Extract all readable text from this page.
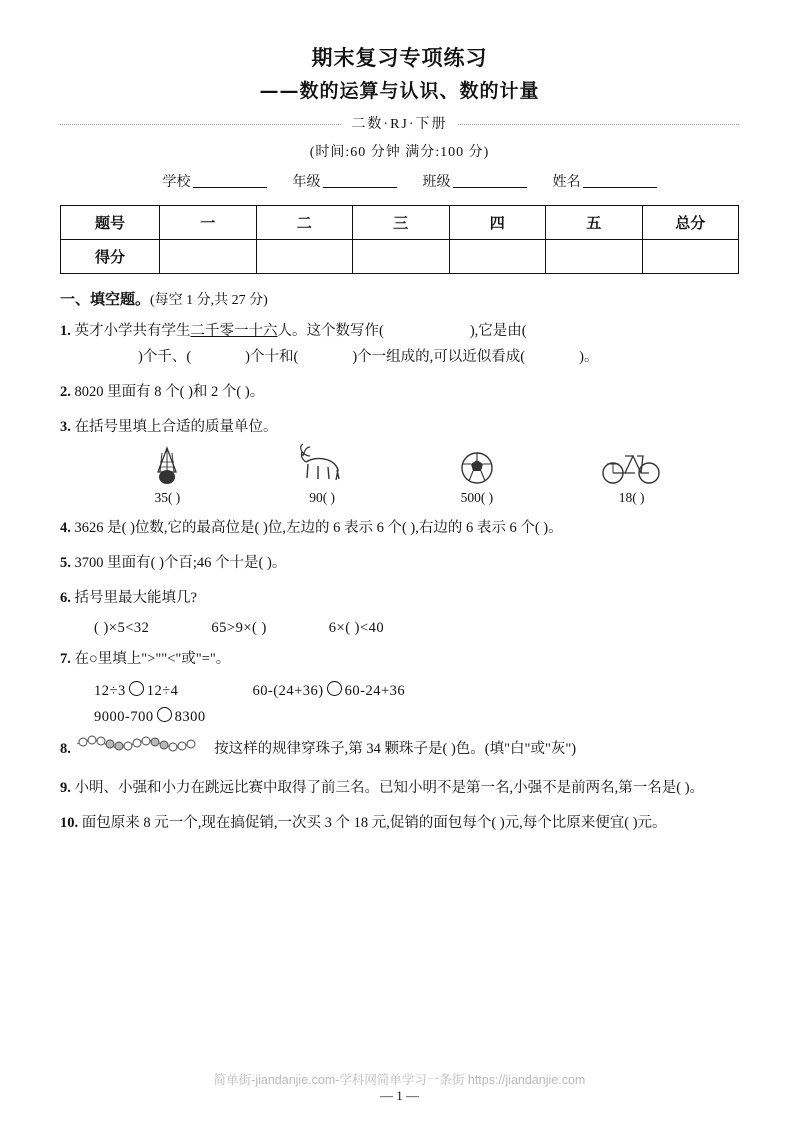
期末复习专项练习
——数的运算与认识、数的计量
二数·RJ·下册
(时间:60 分钟 满分:100 分)
学校	年级	班级	姓名
题号	一	二	三	四	五	总分
得分						
一、填空题。(每空 1 分,共 27 分)
1. 英才小学共有学生二千零一十六人。这个数写作(	),它是由(
)个千、(	)个十和(	)个一组成的,可以近似看成(	)。
2. 8020 里面有 8 个( )和 2 个( )。
3. 在括号里填上合适的质量单位。
35( )	90( )	500( )	18( )
4. 3626 是( )位数,它的最高位是( )位,左边的 6 表示 6 个( ),右边的 6 表示 6 个( )。
5. 3700 里面有( )个百;46 个十是( )。
6. 括号里最大能填几?
( )×5<32	65>9×( )	6×( )<40
7. 在○里填上">""<"或"="。
12÷3 12÷4	60-(24+36) 60-24+36
9000-700 8300
8.	按这样的规律穿珠子,第 34 颗珠子是( )色。(填"白"或"灰")
9. 小明、小强和小力在跳远比赛中取得了前三名。已知小明不是第一名,小强不是前两名,第一名是( )。
10. 面包原来 8 元一个,现在搞促销,一次买 3 个 18 元,促销的面包每个( )元,每个比原来便宜( )元。
简单街-jiandanjie.com-学科网简单学习一条街 https://jiandanjie.com
— 1 —
